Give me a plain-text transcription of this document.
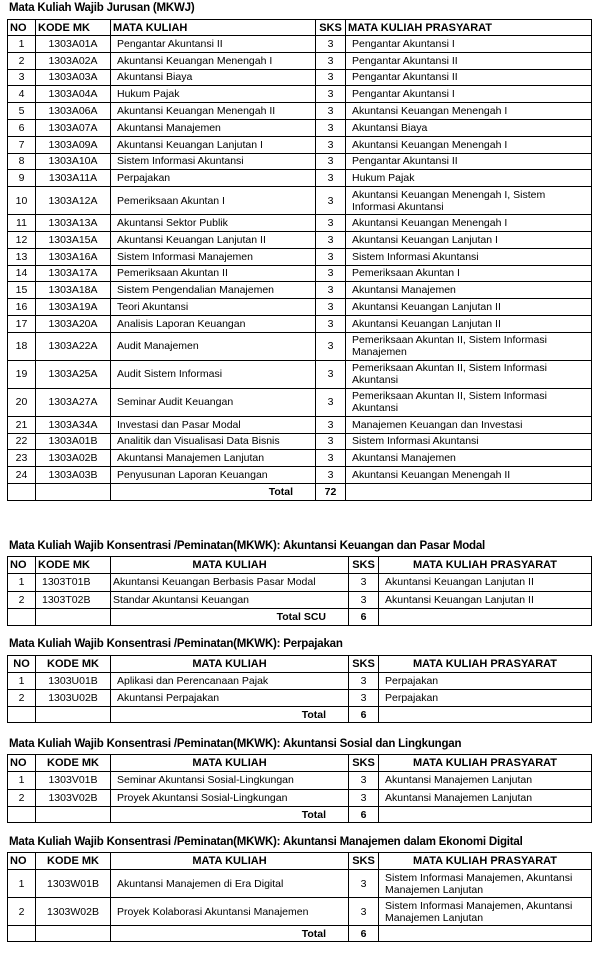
Mata Kuliah Wajib Jurusan (MKWJ)
NO	KODE MK	MATA KULIAH	SKS	MATA KULIAH PRASYARAT
1	1303A01A	Pengantar Akuntansi II	3	Pengantar Akuntansi I
2	1303A02A	Akuntansi Keuangan Menengah I	3	Pengantar Akuntansi II
3	1303A03A	Akuntansi Biaya	3	Pengantar Akuntansi II
4	1303A04A	Hukum Pajak	3	Pengantar Akuntansi I
5	1303A06A	Akuntansi Keuangan Menengah II	3	Akuntansi Keuangan Menengah I
6	1303A07A	Akuntansi Manajemen	3	Akuntansi Biaya
7	1303A09A	Akuntansi Keuangan Lanjutan I	3	Akuntansi Keuangan Menengah I
8	1303A10A	Sistem Informasi Akuntansi	3	Pengantar Akuntansi II
9	1303A11A	Perpajakan	3	Hukum Pajak
10	1303A12A	Pemeriksaan Akuntan I	3	Akuntansi Keuangan Menengah I, Sistem Informasi Akuntansi
11	1303A13A	Akuntansi Sektor Publik	3	Akuntansi Keuangan Menengah I
12	1303A15A	Akuntansi Keuangan Lanjutan II	3	Akuntansi Keuangan Lanjutan I
13	1303A16A	Sistem Informasi Manajemen	3	Sistem Informasi Akuntansi
14	1303A17A	Pemeriksaan Akuntan II	3	Pemeriksaan Akuntan I
15	1303A18A	Sistem Pengendalian Manajemen	3	Akuntansi Manajemen
16	1303A19A	Teori Akuntansi	3	Akuntansi Keuangan Lanjutan II
17	1303A20A	Analisis Laporan Keuangan	3	Akuntansi Keuangan Lanjutan II
18	1303A22A	Audit Manajemen	3	Pemeriksaan Akuntan II, Sistem Informasi Manajemen
19	1303A25A	Audit Sistem Informasi	3	Pemeriksaan Akuntan II, Sistem Informasi Akuntansi
20	1303A27A	Seminar Audit Keuangan	3	Pemeriksaan Akuntan II, Sistem Informasi Akuntansi
21	1303A34A	Investasi dan Pasar Modal	3	Manajemen Keuangan dan Investasi
22	1303A01B	Analitik dan Visualisasi Data Bisnis	3	Sistem Informasi Akuntansi
23	1303A02B	Akuntansi Manajemen Lanjutan	3	Akuntansi Manajemen
24	1303A03B	Penyusunan Laporan Keuangan	3	Akuntansi Keuangan Menengah II
		Total	72	
Mata Kuliah Wajib Konsentrasi /Peminatan(MKWK): Akuntansi Keuangan dan Pasar Modal
NO	KODE MK	MATA KULIAH	SKS	MATA KULIAH PRASYARAT
1	1303T01B	Akuntansi Keuangan Berbasis Pasar Modal	3	Akuntansi Keuangan Lanjutan II
2	1303T02B	Standar Akuntansi Keuangan	3	Akuntansi Keuangan Lanjutan II
		Total SCU	6	
Mata Kuliah Wajib Konsentrasi /Peminatan(MKWK): Perpajakan
NO	KODE MK	MATA KULIAH	SKS	MATA KULIAH PRASYARAT
1	1303U01B	Aplikasi dan Perencanaan Pajak	3	Perpajakan
2	1303U02B	Akuntansi Perpajakan	3	Perpajakan
		Total	6	
Mata Kuliah Wajib Konsentrasi /Peminatan(MKWK): Akuntansi Sosial dan Lingkungan
NO	KODE MK	MATA KULIAH	SKS	MATA KULIAH PRASYARAT
1	1303V01B	Seminar Akuntansi Sosial-Lingkungan	3	Akuntansi Manajemen Lanjutan
2	1303V02B	Proyek Akuntansi Sosial-Lingkungan	3	Akuntansi Manajemen Lanjutan
		Total	6	
Mata Kuliah Wajib Konsentrasi /Peminatan(MKWK): Akuntansi Manajemen dalam Ekonomi Digital
NO	KODE MK	MATA KULIAH	SKS	MATA KULIAH PRASYARAT
1	1303W01B	Akuntansi Manajemen di Era Digital	3	Sistem Informasi Manajemen, Akuntansi Manajemen Lanjutan
2	1303W02B	Proyek Kolaborasi Akuntansi Manajemen	3	Sistem Informasi Manajemen, Akuntansi Manajemen Lanjutan
		Total	6	
